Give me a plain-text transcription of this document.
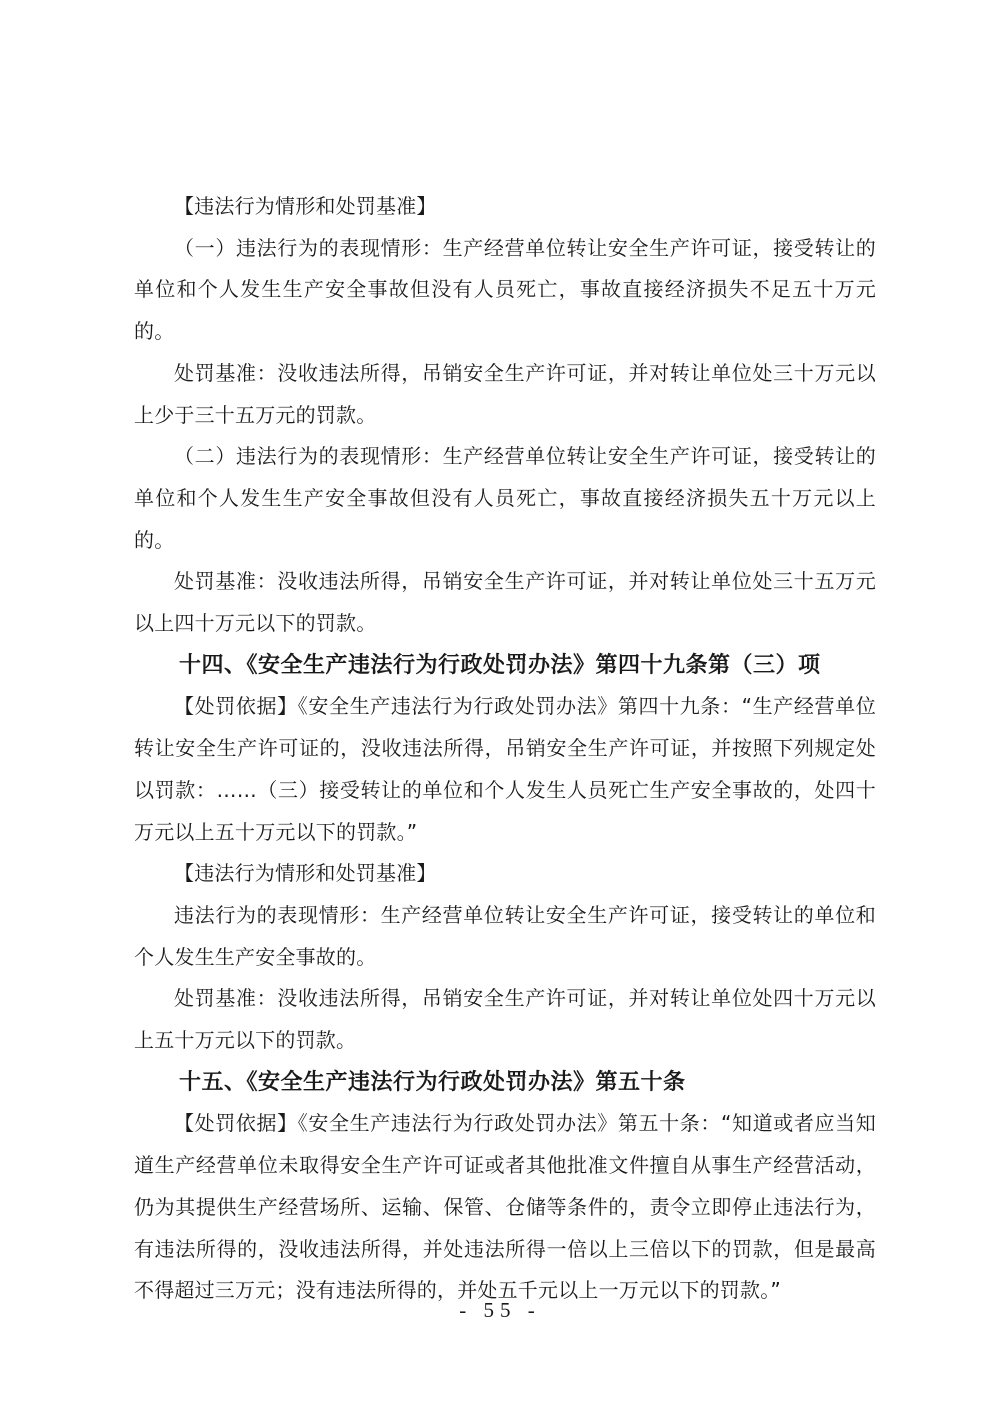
【违法行为情形和处罚基准】

（一）违法行为的表现情形：生产经营单位转让安全生产许可证，接受转让的单位和个人发生生产安全事故但没有人员死亡，事故直接经济损失不足五十万元的。

处罚基准：没收违法所得，吊销安全生产许可证，并对转让单位处三十万元以上少于三十五万元的罚款。

（二）违法行为的表现情形：生产经营单位转让安全生产许可证，接受转让的单位和个人发生生产安全事故但没有人员死亡，事故直接经济损失五十万元以上的。

处罚基准：没收违法所得，吊销安全生产许可证，并对转让单位处三十五万元以上四十万元以下的罚款。

十四、《安全生产违法行为行政处罚办法》第四十九条第（三）项

【处罚依据】《安全生产违法行为行政处罚办法》第四十九条：“生产经营单位转让安全生产许可证的，没收违法所得，吊销安全生产许可证，并按照下列规定处以罚款：……（三）接受转让的单位和个人发生人员死亡生产安全事故的，处四十万元以上五十万元以下的罚款。”

【违法行为情形和处罚基准】

违法行为的表现情形：生产经营单位转让安全生产许可证，接受转让的单位和个人发生生产安全事故的。

处罚基准：没收违法所得，吊销安全生产许可证，并对转让单位处四十万元以上五十万元以下的罚款。

十五、《安全生产违法行为行政处罚办法》第五十条

【处罚依据】《安全生产违法行为行政处罚办法》第五十条：“知道或者应当知道生产经营单位未取得安全生产许可证或者其他批准文件擅自从事生产经营活动，仍为其提供生产经营场所、运输、保管、仓储等条件的，责令立即停止违法行为，有违法所得的，没收违法所得，并处违法所得一倍以上三倍以下的罚款，但是最高不得超过三万元；没有违法所得的，并处五千元以上一万元以下的罚款。”

- 55 -
